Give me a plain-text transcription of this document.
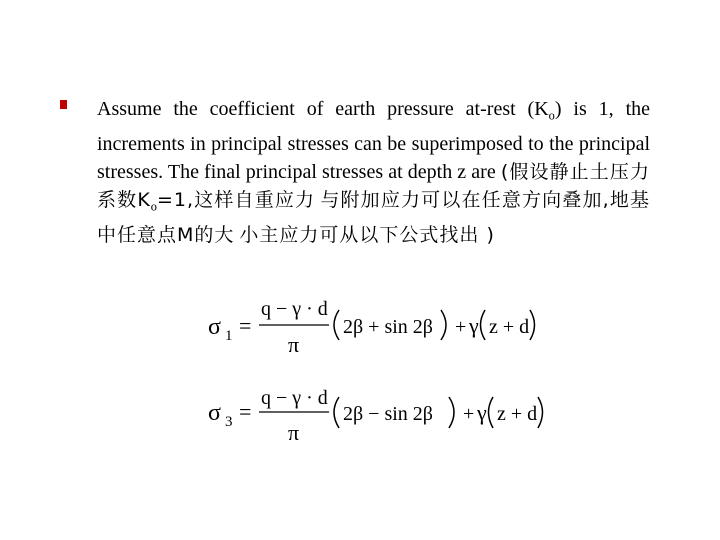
Assume the coefficient of earth pressure at-rest $(K_o)$ is 1, the increments in principal stresses can be superimposed to the principal stresses. The final principal stresses at depth z are (假设静止土压力系数$K_o=1$,这样自重应力 与附加应力可以在任意方向叠加,地基中任意点M的大 小主应力可从以下公式找出 )
σ 1 =
q − γ · d
π
2β + sin 2β + γ z + d
σ 3 =
q − γ · d
π
2β − sin 2β + γ z + d
